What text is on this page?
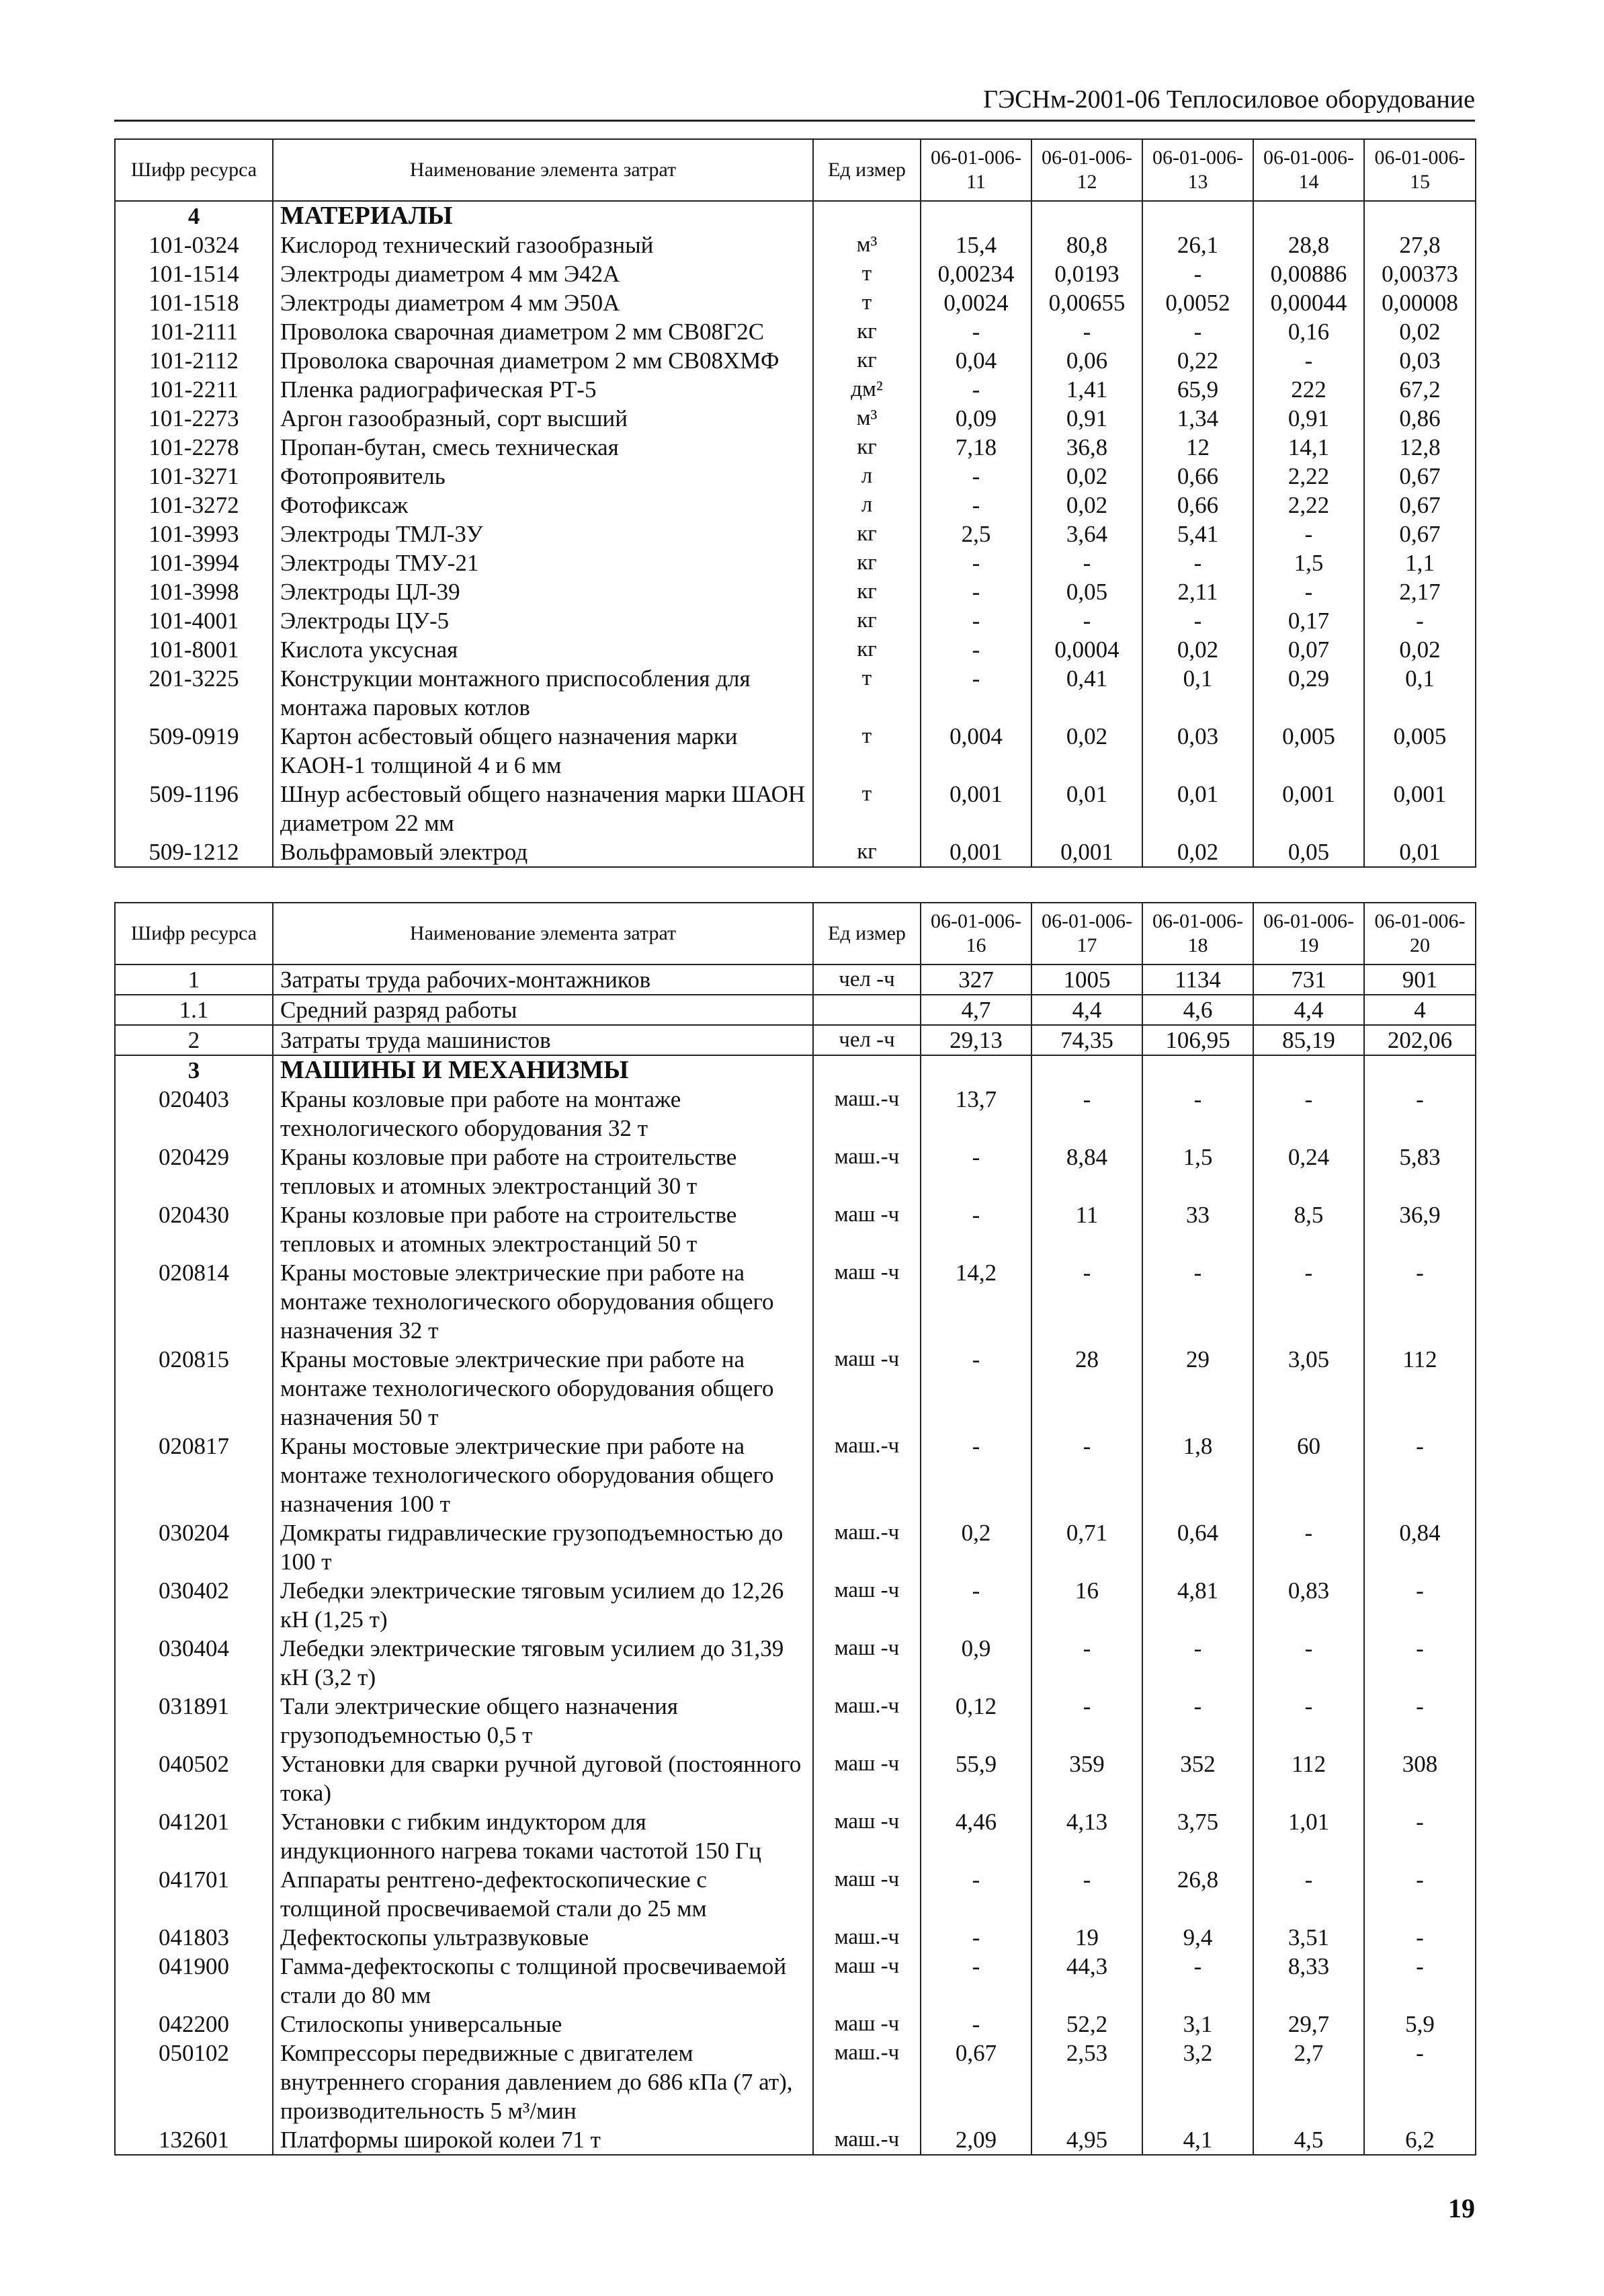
ГЭСНм-2001-06 Теплосиловое оборудование
Шифр ресурса	Наименование элемента затрат	Ед измер	06-01-006-11	06-01-006-12	06-01-006-13	06-01-006-14	06-01-006-15
4	МАТЕРИАЛЫ						
101-0324	Кислород технический газообразный	м³	15,4	80,8	26,1	28,8	27,8
101-1514	Электроды диаметром 4 мм Э42А	т	0,00234	0,0193	-	0,00886	0,00373
101-1518	Электроды диаметром 4 мм Э50А	т	0,0024	0,00655	0,0052	0,00044	0,00008
101-2111	Проволока сварочная диаметром 2 мм СВ08Г2С	кг	-	-	-	0,16	0,02
101-2112	Проволока сварочная диаметром 2 мм СВ08ХМФ	кг	0,04	0,06	0,22	-	0,03
101-2211	Пленка радиографическая РТ-5	дм²	-	1,41	65,9	222	67,2
101-2273	Аргон газообразный, сорт высший	м³	0,09	0,91	1,34	0,91	0,86
101-2278	Пропан-бутан, смесь техническая	кг	7,18	36,8	12	14,1	12,8
101-3271	Фотопроявитель	л	-	0,02	0,66	2,22	0,67
101-3272	Фотофиксаж	л	-	0,02	0,66	2,22	0,67
101-3993	Электроды ТМЛ-3У	кг	2,5	3,64	5,41	-	0,67
101-3994	Электроды ТМУ-21	кг	-	-	-	1,5	1,1
101-3998	Электроды ЦЛ-39	кг	-	0,05	2,11	-	2,17
101-4001	Электроды ЦУ-5	кг	-	-	-	0,17	-
101-8001	Кислота уксусная	кг	-	0,0004	0,02	0,07	0,02
201-3225	Конструкции монтажного приспособления для монтажа паровых котлов	т	-	0,41	0,1	0,29	0,1
509-0919	Картон асбестовый общего назначения марки КАОН-1 толщиной 4 и 6 мм	т	0,004	0,02	0,03	0,005	0,005
509-1196	Шнур асбестовый общего назначения марки ШАОН диаметром 22 мм	т	0,001	0,01	0,01	0,001	0,001
509-1212	Вольфрамовый электрод	кг	0,001	0,001	0,02	0,05	0,01
Шифр ресурса	Наименование элемента затрат	Ед измер	06-01-006-16	06-01-006-17	06-01-006-18	06-01-006-19	06-01-006-20
1	Затраты труда рабочих-монтажников	чел -ч	327	1005	1134	731	901
1.1	Средний разряд работы		4,7	4,4	4,6	4,4	4
2	Затраты труда машинистов	чел -ч	29,13	74,35	106,95	85,19	202,06
3	МАШИНЫ И МЕХАНИЗМЫ						
020403	Краны козловые при работе на монтаже технологического оборудования 32 т	маш.-ч	13,7	-	-	-	-
020429	Краны козловые при работе на строительстве тепловых и атомных электростанций 30 т	маш.-ч	-	8,84	1,5	0,24	5,83
020430	Краны козловые при работе на строительстве тепловых и атомных электростанций 50 т	маш -ч	-	11	33	8,5	36,9
020814	Краны мостовые электрические при работе на монтаже технологического оборудования общего назначения 32 т	маш -ч	14,2	-	-	-	-
020815	Краны мостовые электрические при работе на монтаже технологического оборудования общего назначения 50 т	маш -ч	-	28	29	3,05	112
020817	Краны мостовые электрические при работе на монтаже технологического оборудования общего назначения 100 т	маш.-ч	-	-	1,8	60	-
030204	Домкраты гидравлические грузоподъемностью до 100 т	маш.-ч	0,2	0,71	0,64	-	0,84
030402	Лебедки электрические тяговым усилием до 12,26 кН (1,25 т)	маш -ч	-	16	4,81	0,83	-
030404	Лебедки электрические тяговым усилием до 31,39 кН (3,2 т)	маш -ч	0,9	-	-	-	-
031891	Тали электрические общего назначения грузоподъемностью 0,5 т	маш.-ч	0,12	-	-	-	-
040502	Установки для сварки ручной дуговой (постоянного тока)	маш -ч	55,9	359	352	112	308
041201	Установки с гибким индуктором для индукционного нагрева токами частотой 150 Гц	маш -ч	4,46	4,13	3,75	1,01	-
041701	Аппараты рентгено-дефектоскопические с толщиной просвечиваемой стали до 25 мм	маш -ч	-	-	26,8	-	-
041803	Дефектоскопы ультразвуковые	маш.-ч	-	19	9,4	3,51	-
041900	Гамма-дефектоскопы с толщиной просвечиваемой стали до 80 мм	маш -ч	-	44,3	-	8,33	-
042200	Стилоскопы универсальные	маш -ч	-	52,2	3,1	29,7	5,9
050102	Компрессоры передвижные с двигателем внутреннего сгорания давлением до 686 кПа (7 ат), производительность 5 м³/мин	маш.-ч	0,67	2,53	3,2	2,7	-
132601	Платформы широкой колеи 71 т	маш.-ч	2,09	4,95	4,1	4,5	6,2
19
